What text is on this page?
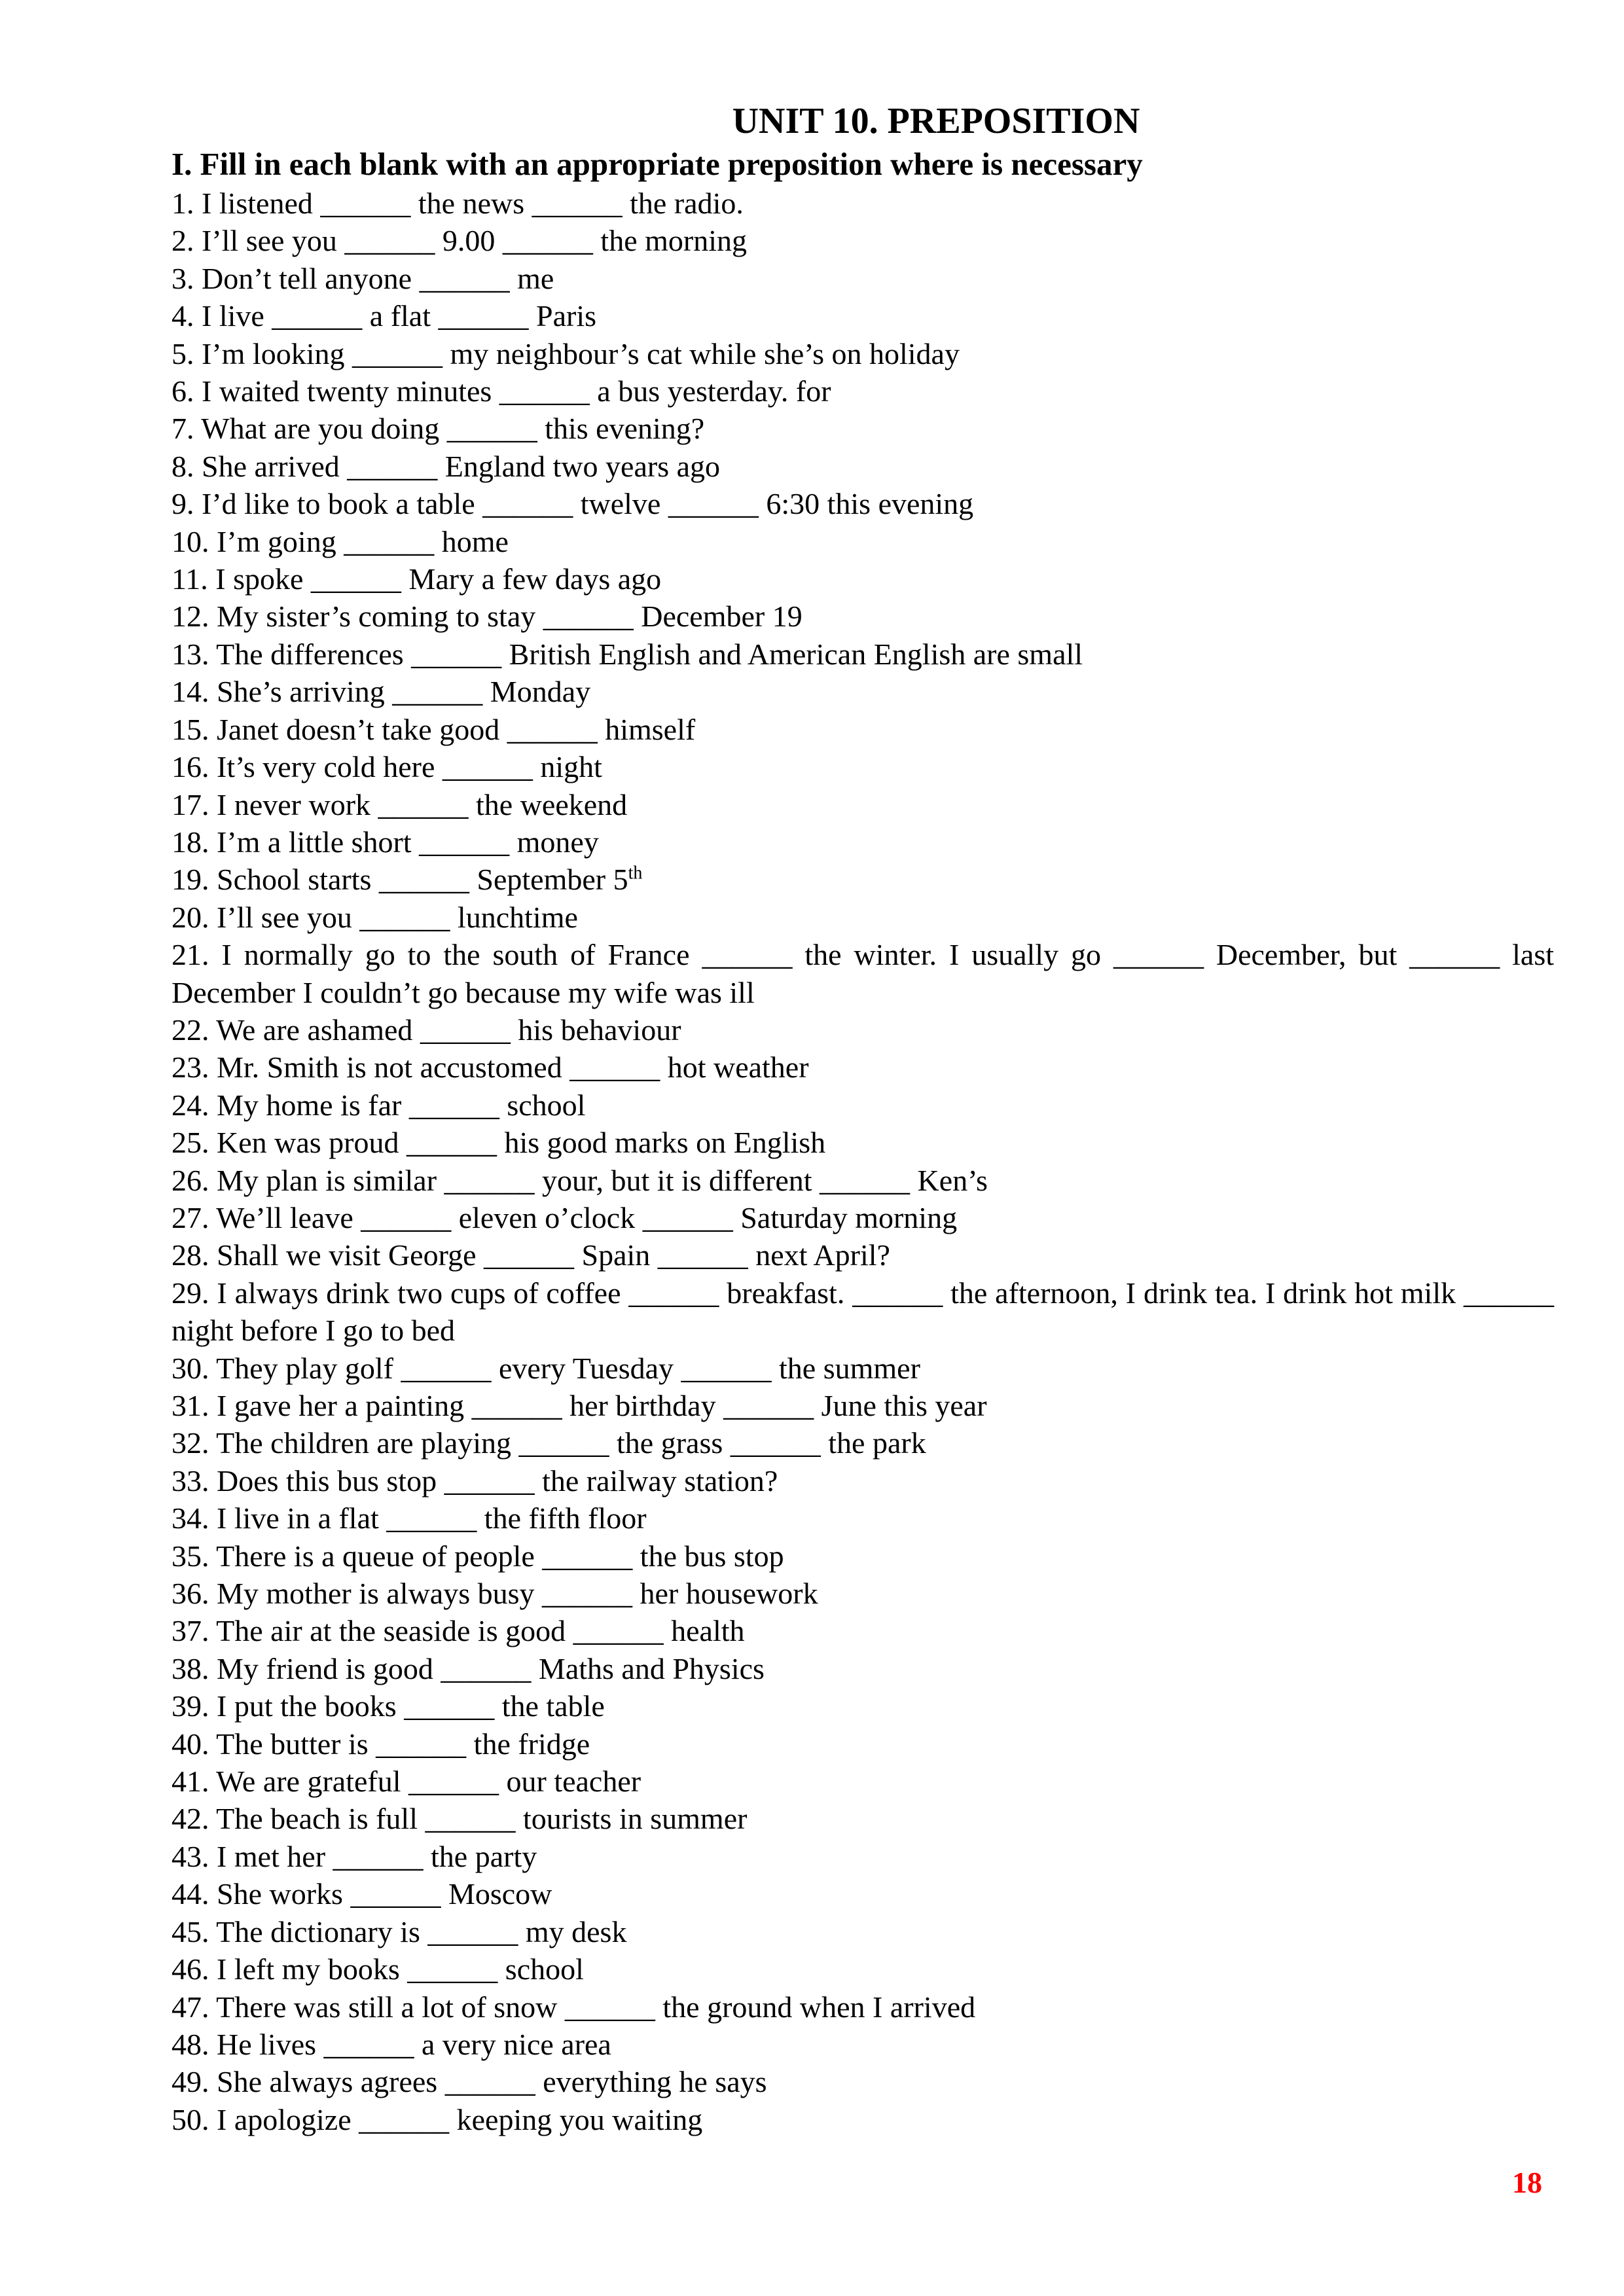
UNIT 10. PREPOSITION
I. Fill in each blank with an appropriate preposition where is necessary
1. I listened ______ the news ______ the radio.
2. I’ll see you ______ 9.00 ______ the morning
3. Don’t tell anyone ______ me
4. I live ______ a flat ______ Paris
5. I’m looking ______ my neighbour’s cat while she’s on holiday
6. I waited twenty minutes ______ a bus yesterday. for
7. What are you doing ______ this evening?
8. She arrived ______ England two years ago
9. I’d like to book a table ______ twelve ______ 6:30 this evening
10. I’m going ______ home
11. I spoke ______ Mary a few days ago
12. My sister’s coming to stay ______ December 19
13. The differences ______ British English and American English are small
14. She’s arriving ______ Monday
15. Janet doesn’t take good ______ himself
16. It’s very cold here ______ night
17. I never work ______ the weekend
18. I’m a little short ______ money
19. School starts ______ September 5th
20. I’ll see you ______ lunchtime
21. I normally go to the south of France ______ the winter. I usually go ______ December, but ______ last December I couldn’t go because my wife was ill
22. We are ashamed ______ his behaviour
23. Mr. Smith is not accustomed ______ hot weather
24. My home is far ______ school
25. Ken was proud ______ his good marks on English
26. My plan is similar ______ your, but it is different ______ Ken’s
27. We’ll leave ______ eleven o’clock ______ Saturday morning
28. Shall we visit George ______ Spain ______ next April?
29. I always drink two cups of coffee ______ breakfast. ______ the afternoon, I drink tea. I drink hot milk ______ night before I go to bed
30. They play golf ______ every Tuesday ______ the summer
31. I gave her a painting ______ her birthday ______ June this year
32. The children are playing ______ the grass ______ the park
33. Does this bus stop ______ the railway station?
34. I live in a flat ______ the fifth floor
35. There is a queue of people ______ the bus stop
36. My mother is always busy ______ her housework
37. The air at the seaside is good ______ health
38. My friend is good ______ Maths and Physics
39. I put the books ______ the table
40. The butter is ______ the fridge
41. We are grateful ______ our teacher
42. The beach is full ______ tourists in summer
43. I met her ______ the party
44. She works ______ Moscow
45. The dictionary is ______ my desk
46. I left my books ______ school
47. There was still a lot of snow ______ the ground when I arrived
48. He lives ______ a very nice area
49. She always agrees ______ everything he says
50. I apologize ______ keeping you waiting
18
